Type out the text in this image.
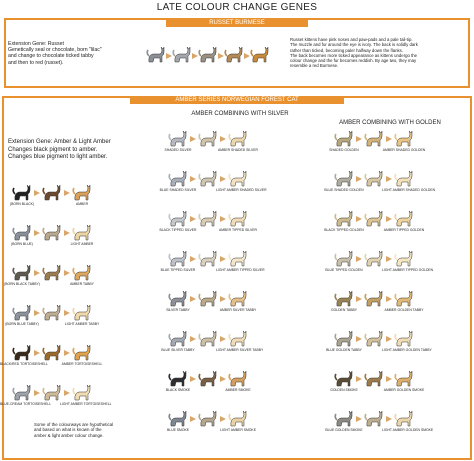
LATE COLOUR CHANGE GENES
RUSSET BURMESE
Extension Gene: Russet
Genetically seal or chocolate, born "lilac"
and change to chocolate ticked tabby
and then to red (russet).
Russet kittens have pink noses and paw-pads and a pale tail-tip.
The muzzle and fur around the eye is ivory. The back is solidly dark
rather than ticked, becoming paler halfway down the flanks.
The back becomes more ticked appearance as kittens undergo the
colour change and the fur becomes reddish. By age two, they may
resemble a red Burmese.
AMBER SERIES NORWEGIAN FOREST CAT
Extension Gene: Amber & Light Amber
Changes black pigment to amber.
Changes blue pigment to light amber.
AMBER COMBINING WITH SILVER
AMBER COMBINING WITH GOLDEN
Some of the colourways are hypothetical
and based on what is known of the
amber & light amber colour change.
(BORN BLACK)	AMBER
(BORN BLUE)	LIGHT AMBER
(BORN BLACK TABBY)	AMBER TABBY
(BORN BLUE TABBY)	LIGHT AMBER TABBY
BLACK/RED TORTOISESHELL	AMBER TORTOISESHELL
BLUE-CREAM TORTOISESHELL	LIGHT AMBER TORTOISESHELL
SHADED SILVER	AMBER SHADED SILVER
BLUE SHADED SILVER	LIGHT AMBER SHADED SILVER
BLACK TIPPED SILVER	AMBER TIPPED SILVER
BLUE TIPPED SILVER	LIGHT AMBER TIPPED SILVER
SILVER TABBY	AMBER SILVER TABBY
BLUE SILVER TABBY	LIGHT AMBER SILVER TABBY
BLACK SMOKE	AMBER SMOKE
BLUE SMOKE	LIGHT AMBER SMOKE
SHADED GOLDEN	AMBER SHADED GOLDEN
BLUE SHADED GOLDEN	LIGHT AMBER SHADED GOLDEN
BLACK TIPPED GOLDEN	AMBER TIPPED GOLDEN
BLUE TIPPED GOLDEN	LIGHT AMBER TIPPED GOLDEN
GOLDEN TABBY	AMBER GOLDEN TABBY
BLUE GOLDEN TABBY	LIGHT AMBER GOLDEN TABBY
GOLDEN SMOKE	AMBER GOLDEN SMOKE
BLUE GOLDEN SMOKE	LIGHT AMBER GOLDEN SMOKE
